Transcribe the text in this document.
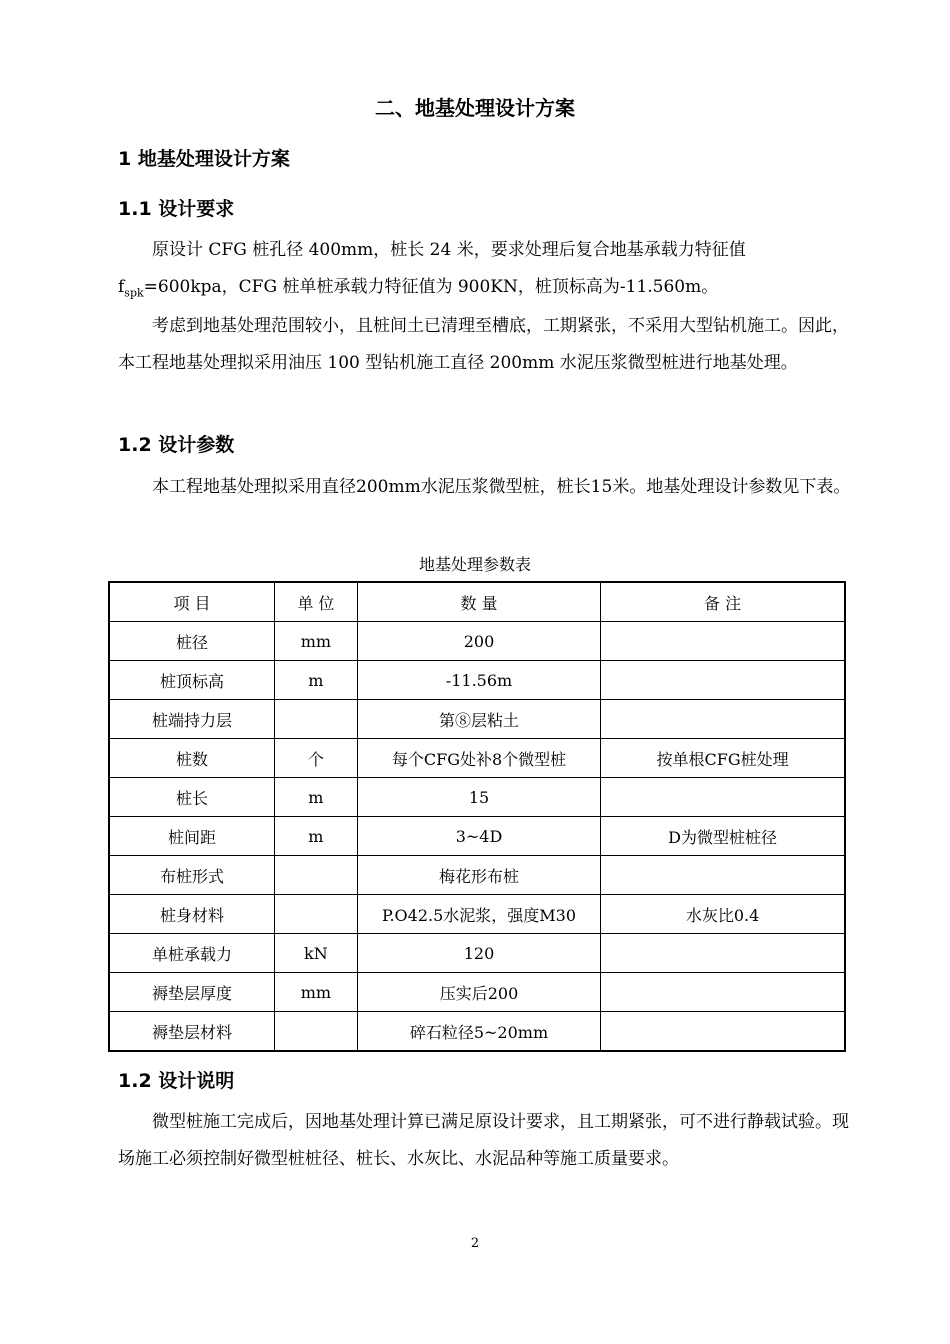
二、地基处理设计方案
1 地基处理设计方案
1.1 设计要求
原设计 CFG 桩孔径 400mm，桩长 24 米，要求处理后复合地基承载力特征值
$f_{spk}=600kpa$，CFG 桩单桩承载力特征值为 900KN，桩顶标高为-11.560m。
考虑到地基处理范围较小，且桩间土已清理至槽底，工期紧张，不采用大型钻机施工。因此，本工程地基处理拟采用油压 100 型钻机施工直径 200mm 水泥压浆微型桩进行地基处理。
1.2 设计参数
本工程地基处理拟采用直径200mm水泥压浆微型桩，桩长15米。地基处理设计参数见下表。
地基处理参数表
项 目	单 位	数 量	备 注
桩径	mm	200	
桩顶标高	m	-11.56m	
桩端持力层		第⑧层粘土	
桩数	个	每个CFG处补8个微型桩	按单根CFG桩处理
桩长	m	15	
桩间距	m	3~4D	D为微型桩桩径
布桩形式		梅花形布桩	
桩身材料		P.O42.5水泥浆，强度M30	水灰比0.4
单桩承载力	kN	120	
褥垫层厚度	mm	压实后200	
褥垫层材料		碎石粒径5~20mm	
1.2 设计说明
微型桩施工完成后，因地基处理计算已满足原设计要求，且工期紧张，可不进行静载试验。现场施工必须控制好微型桩桩径、桩长、水灰比、水泥品种等施工质量要求。
2
